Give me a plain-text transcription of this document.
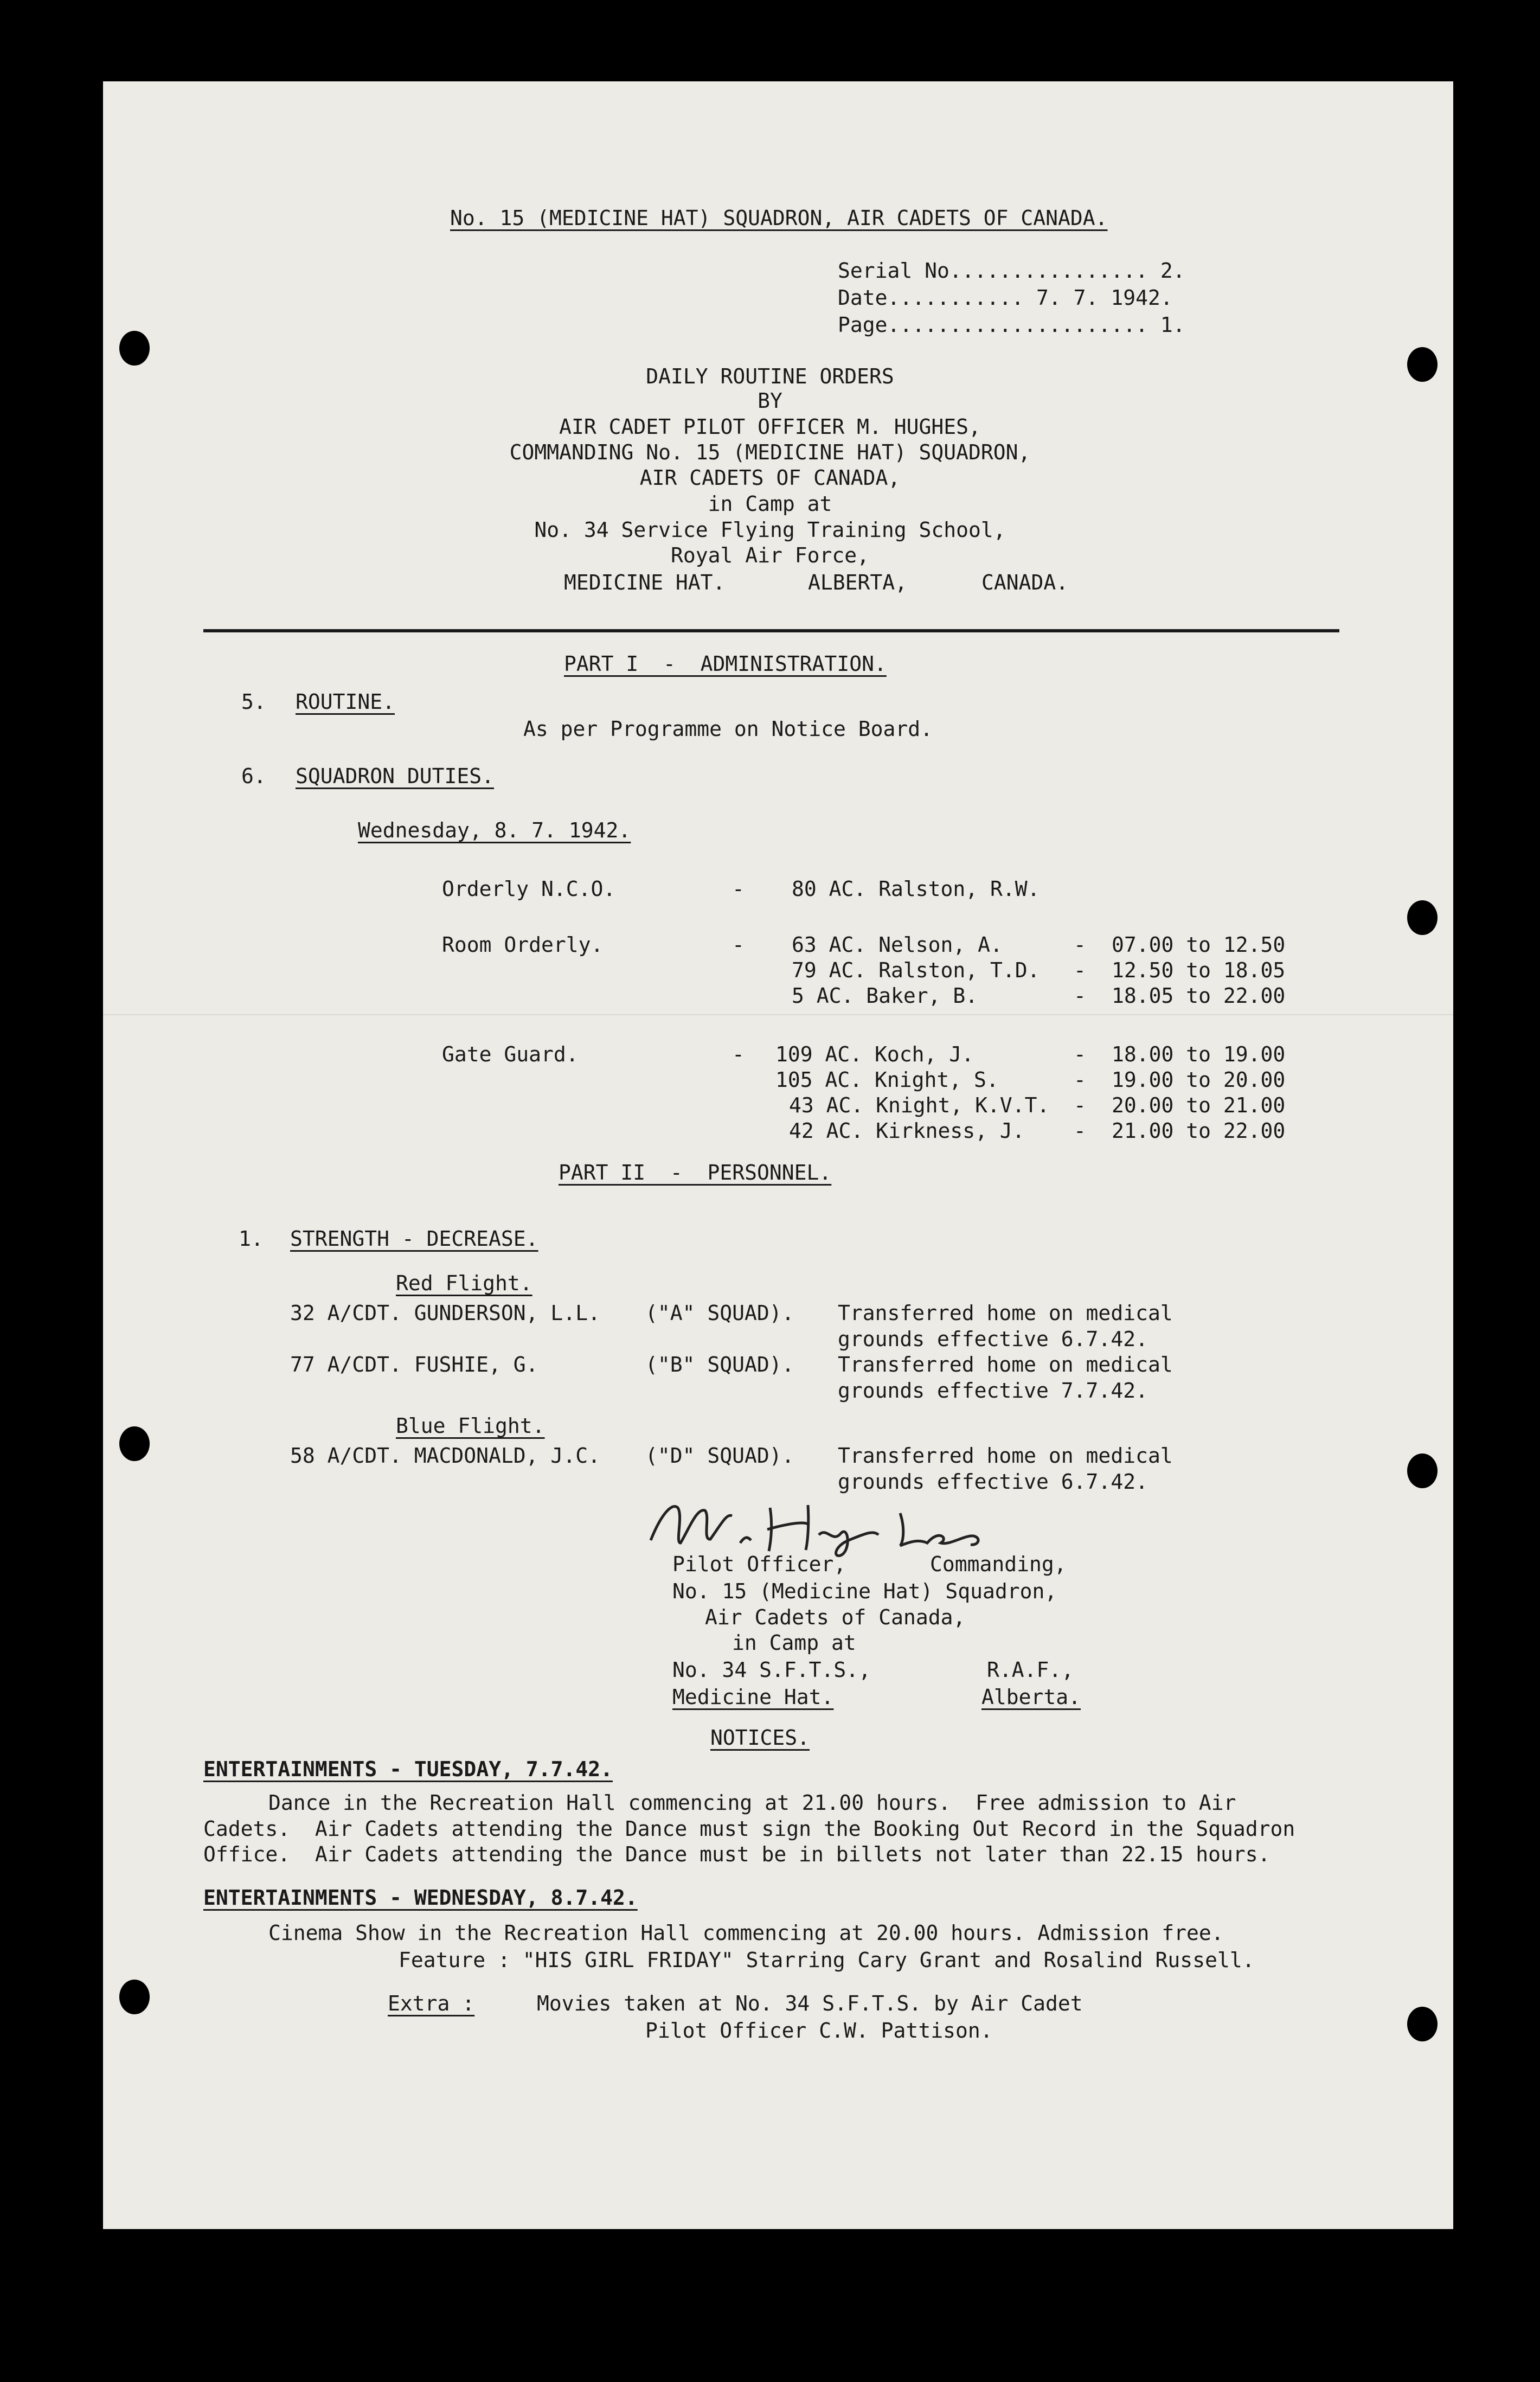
No. 15 (MEDICINE HAT) SQUADRON, AIR CADETS OF CANADA.
Serial No................ 2.
Date........... 7. 7. 1942.
Page..................... 1.
DAILY ROUTINE ORDERS
BY
AIR CADET PILOT OFFICER M. HUGHES,
COMMANDING No. 15 (MEDICINE HAT) SQUADRON,
AIR CADETS OF CANADA,
in Camp at
No. 34 Service Flying Training School,
Royal Air Force,
MEDICINE HAT.	ALBERTA,	CANADA.
PART I  -  ADMINISTRATION.
5. ROUTINE.
As per Programme on Notice Board.
6. SQUADRON DUTIES.
Wednesday, 8. 7. 1942.
Orderly N.C.O.	- 80 AC. Ralston, R.W.
Room Orderly.	- 63 AC. Nelson, A.	- 07.00 to 12.50
79 AC. Ralston, T.D. - 12.50 to 18.05
5 AC. Baker, B.	- 18.05 to 22.00
Gate Guard.	- 109 AC. Koch, J.	- 18.00 to 19.00
105 AC. Knight, S.	- 19.00 to 20.00
43 AC. Knight, K.V.T. - 20.00 to 21.00
42 AC. Kirkness, J. - 21.00 to 22.00
PART II  -  PERSONNEL.
1. STRENGTH - DECREASE.
Red Flight.
32 A/CDT. GUNDERSON, L.L. ("A" SQUAD). Transferred home on medical
grounds effective 6.7.42.
77 A/CDT. FUSHIE, G.	("B" SQUAD). Transferred home on medical
grounds effective 7.7.42.
Blue Flight.
58 A/CDT. MACDONALD, J.C. ("D" SQUAD). Transferred home on medical
grounds effective 6.7.42.
Pilot Officer,	Commanding,
No. 15 (Medicine Hat) Squadron,
Air Cadets of Canada,
in Camp at
No. 34 S.F.T.S.,	R.A.F.,
Medicine Hat.	Alberta.
NOTICES.
ENTERTAINMENTS - TUESDAY, 7.7.42.
Dance in the Recreation Hall commencing at 21.00 hours.  Free admission to Air
Cadets.  Air Cadets attending the Dance must sign the Booking Out Record in the Squadron
Office.  Air Cadets attending the Dance must be in billets not later than 22.15 hours.
ENTERTAINMENTS - WEDNESDAY, 8.7.42.
Cinema Show in the Recreation Hall commencing at 20.00 hours. Admission free.
Feature : "HIS GIRL FRIDAY" Starring Cary Grant and Rosalind Russell.
Extra :	Movies taken at No. 34 S.F.T.S. by Air Cadet
Pilot Officer C.W. Pattison.
